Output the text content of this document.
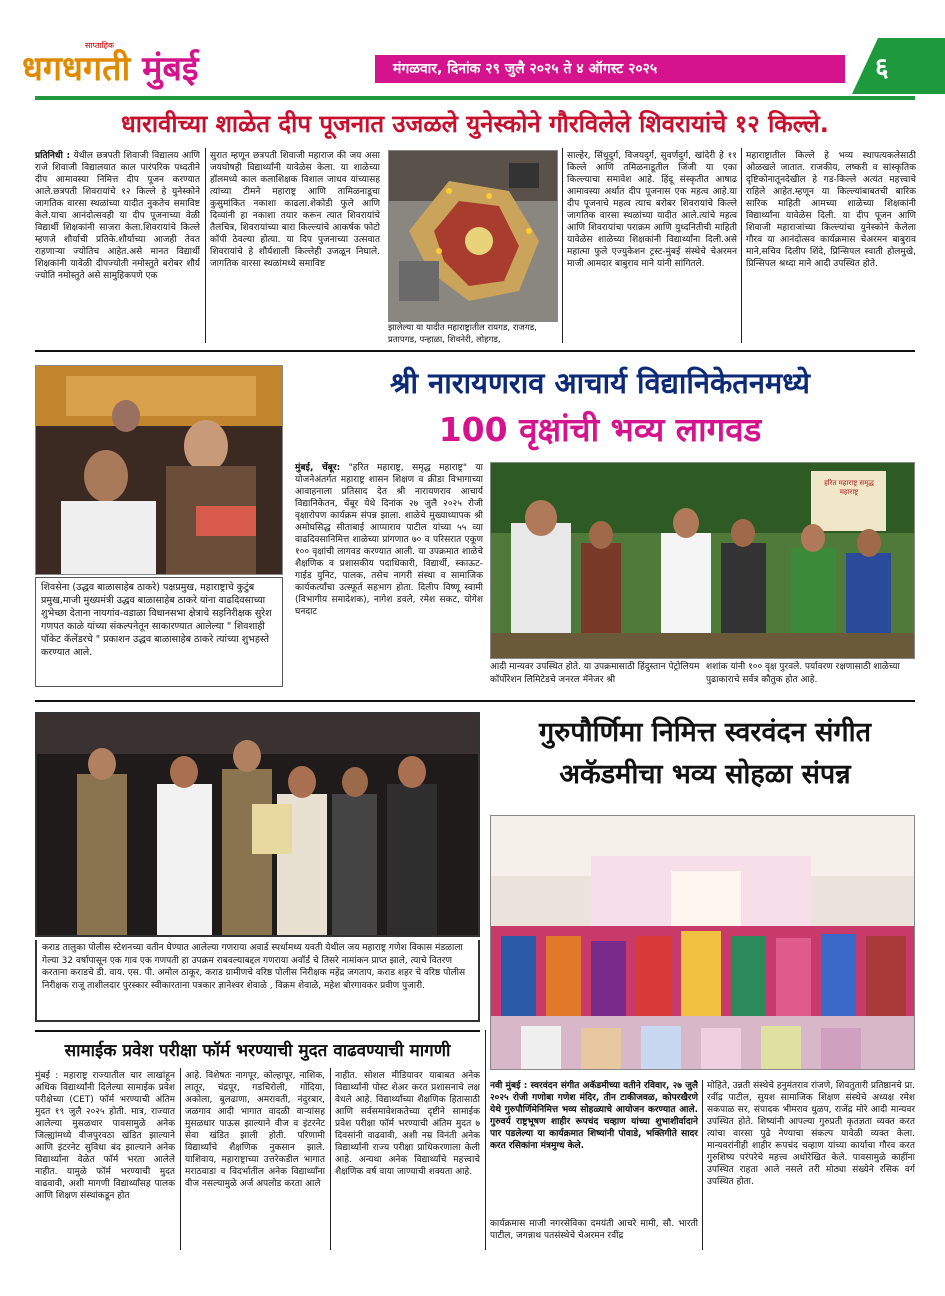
साप्ताहिक
धगधगती मुंबई	मंगळवार, दिनांक २९ जुलै २०२५ ते ४ ऑगस्ट २०२५	६
धारावीच्या शाळेत दीप पूजनात उजळले युनेस्कोने गौरविलेले शिवरायांचे १२ किल्ले.
प्रतिनिधी : येथील छत्रपती शिवाजी विद्यालय आणि राजे शिवाजी विद्यालयात काल पारंपरिक पध्दतीने दीप आमावस्या निमित्त दीप पूजन करण्यात आले.छत्रपती शिवरायांचे १२ किल्ले हे युनेस्कोने जागतिक वारसा स्थळांच्या यादीत नुकतेच समाविष्ट केले.याचा आनंदोत्सवही या दीप पूजनाच्या वेळी विद्यार्थी शिक्षकांनी साजरा केला.शिवरायांचे किल्ले म्हणजे शौर्याची प्रतिके.शौर्याच्या आजही तेवत राहणाऱ्या ज्योतिच आहेत.असे मानत विद्यार्थी शिक्षकांनी यावेळी दीपज्योती नमोस्तुते बरोबर शौर्य ज्योति नमोस्तुते असे सामुहिकपणे एक
सुरात म्हणून छत्रपती शिवाजी महाराज की जय असा जयघोषही विद्यार्थ्यांनी यावेळेस केला. या शाळेच्या हॉलमध्ये काल कलाशिक्षक विशाल जाधव यांच्यासह त्यांच्या टीमने महाराष्ट्र आणि तामिळनाडूचा कुसुमांकित नकाशा काढला.शेकोडी फुले आणि दिव्यांनी हा नकाशा तयार करून त्यात शिवरायांचे तैलचित्र, शिवरायांच्या बारा किल्ल्यांचे आकर्षक फोटो कॉपी ठेवल्या होत्या. या दिप पुजनाच्या उत्सवात शिवरायांचे हे शौर्यशाली किल्लेही उजळून निघाले. जागतिक वारसा स्थळांमध्ये समाविष्ट
झालेल्या या यादीत महाराष्ट्रातील रायगड, राजगड, प्रतापगड, पन्हाळा, शिवनेरी, लोहगड,
साल्हेर, सिंधुदुर्ग, विजयदुर्ग, सुवर्णदुर्ग, खांदेरी हे ११ किल्ले आणि तमिळनाडूतील जिंजी या एका किल्ल्याचा समावेश आहे. हिंदू संस्कृतीत आषाढ आमावस्या अर्थात दीप पूजनास एक महत्व आहे.या दीप पूजनाचे महत्व त्याच बरोबर शिवरायांचे किल्ले जागतिक वारसा स्थळांच्या यादीत आले.त्यांचे महत्व आणि शिवरायांचा पराक्रम आणि युध्दनितीची माहिती यावेळेस शाळेच्या शिक्षकांनी विद्यार्थ्यांना दिली.असे महात्मा फुले एज्युकेशन ट्रस्ट-मुंबई संस्थेचे चेअरमन माजी आमदार बाबुराव माने यांनी सांगितले.
महाराष्ट्रातील किल्ले हे भव्य स्थापत्यकलेसाठी ओळखले जातात. राजकीय, लष्करी व सांस्कृतिक दृष्टिकोनातूनदेखील हे गड-किल्ले अत्यंत महत्त्वाचे राहिले आहेत.म्हणून या किल्ल्यांबाबतची बारिक सारिक माहिती आमच्या शाळेच्या शिक्षकांनी विद्यार्थ्यांना यावेळेस दिली. या दीप पूजन आणि शिवाजी महाराजांच्या किल्ल्यांचा युनेस्कोने केलेला गौरव या आनंदोत्सव कार्यक्रमास चेअरमन बाबुराव माने,सचिव दिलीप शिंदे, प्रिन्सिपल स्वाती होलमुखे, प्रिन्सिपल श्रध्दा माने आदी उपस्थित होते.
शिवसेना (उद्धव बाळासाहेब ठाकरे) पक्षप्रमुख, महाराष्ट्राचे कुटुंब प्रमुख,माजी मुख्यमंत्री उद्धव बाळासाहेब ठाकरे यांना वाढदिवसाच्या शुभेच्छा देताना नायगांव-वडाळा विधानसभा क्षेत्राचे सहनिरीक्षक सुरेश गणपत काळे यांच्या संकल्पनेतून साकारण्यात आलेल्या " शिवशाही पॉकेट कॅलेंडरचे " प्रकाशन उद्धव बाळासाहेब ठाकरे त्यांच्या शुभहस्ते करण्यात आले.
श्री नारायणराव आचार्य विद्यानिकेतनमध्ये
100 वृक्षांची भव्य लागवड
मुंबई, चेंबूर: "हरित महाराष्ट्र, समृद्ध महाराष्ट्र" या योजनेअंतर्गत महाराष्ट्र शासन शिक्षण व क्रीडा विभागाच्या आवाहनाला प्रतिसाद देत श्री नारायणराव आचार्य विद्यानिकेतन, चेंबूर येथे दिनांक २७ जुलै २०२५ रोजी वृक्षारोपण कार्यक्रम संपन्न झाला. शाळेचे मुख्याध्यापक श्री अमोघसिद्ध सीताबाई आप्पाराव पाटील यांच्या ५५ व्या वाढदिवसानिमित्त शाळेच्या प्रांगणात ७० व परिसरात एकूण १०० वृक्षांची लागवड करण्यात आली. या उपक्रमात शाळेचे शैक्षणिक व प्रशासकीय पदाधिकारी, विद्यार्थी, स्काऊट-गाईड युनिट, पालक, तसेच नागरी संस्था व सामाजिक कार्यकर्त्यांचा उत्स्फूर्त सहभाग होता. दिलीप विष्णू स्वामी (विभागीय समादेशक), नागेश डवले, रमेश सकट, योगेश घनदाट
हरित महाराष्ट्र समृद्ध महाराष्ट्र
आदी मान्यवर उपस्थित होते. या उपक्रमासाठी हिंदुस्तान पेट्रोलियम कॉर्पोरेशन लिमिटेडचे जनरल मॅनेजर श्री
शशांक यांनी १०० वृक्ष पुरवले. पर्यावरण रक्षणासाठी शाळेच्या पुढाकाराचे सर्वत्र कौतुक होत आहे.
कराड तालुका पोलीस स्टेशनच्या वतीन घेण्यात आलेल्या गणराया अवार्ड स्पर्धामध्य यवती येथील जय महाराष्ट्र गणेश विकास मंडळाला गेल्या 32 वर्षापासून एक गाव एक गणपती हा उपक्रम राबवल्याबद्दल गणराया अवॉर्ड चे तिसरे नामांकन प्राप्त झाले, त्याचे वितरण करताना कराडचे डी. वाय. एस. पी. अमोल ठाकूर, कराड ग्रामीणचे वरिष्ठ पोलीस निरीक्षक महेंद्र जगताप, कराड शहर चे वरिष्ठ पोलीस निरीक्षक राजू ताशीलदार पुरस्कार स्वीकारताना पत्रकार ज्ञानेश्वर शेवाळे , विक्रम शेवाळे, महेश बोरगावकर प्रवीण पुजारी.
गुरुपौर्णिमा निमित्त स्वरवंदन संगीत अकॅडमीचा भव्य सोहळा संपन्न
नवी मुंबई : स्वरवंदन संगीत अकॅडमीच्या वतीने रविवार, २७ जुलै २०२५ रोजी गणोबा गणेश मंदिर, तीन टाकीजवळ, कोपरखैरणे येथे गुरुपौर्णिमेनिमित्त भव्य सोहळ्याचे आयोजन करण्यात आले. गुरुवर्य राष्ट्रभूषण शाहीर रूपचंद चव्हाण यांच्या शुभाशीर्वादाने पार पडलेल्या या कार्यक्रमात शिष्यांनी पोवाडे, भक्तिगीते सादर करत रसिकांना मंत्रमुग्ध केले.
कार्यक्रमास माजी नगरसेविका दमयंती आचरे मामी, सौ. भारती पाटील, जगन्नाथ पतसंस्थेचे चेअरमन रवींद्र
मोहिते, उन्नती संस्थेचे हनुमंतराव रांजणे, शिवतुतारी प्रतिष्ठानचे प्रा. रवींद्र पाटील, सुयश सामाजिक शिक्षण संस्थेचे अध्यक्ष रमेश सकपाळ सर, संपादक भीमराव धुळप, राजेंद्र मोरे आदी मान्यवर उपस्थित होते. शिष्यांनी आपल्या गुरुप्रती कृतज्ञता व्यक्त करत त्यांचा वारसा पुढे नेण्याचा संकल्प यावेळी व्यक्त केला. मान्यवरांनीही शाहीर रूपचंद चव्हाण यांच्या कार्याचा गौरव करत गुरुशिष्य परंपरेचे महत्त्व अधोरेखित केले. पावसामुळे काहींना उपस्थित राहता आले नसले तरी मोठ्या संख्येने रसिक वर्ग उपस्थित होता.
सामाईक प्रवेश परीक्षा फॉर्म भरण्याची मुदत वाढवण्याची मागणी
मुंबई : महाराष्ट्र राज्यातील चार लाखांहून अधिक विद्यार्थ्यांनी दिलेल्या सामाईक प्रवेश परीक्षेच्या (CET) फॉर्म भरण्याची अंतिम मुदत १९ जुलै २०२५ होती. मात्र, राज्यात आलेल्या मुसळधार पावसामुळे अनेक जिल्ह्यांमध्ये वीजपुरवठा खंडित झाल्याने आणि इंटरनेट सुविधा बंद झाल्याने अनेक विद्यार्थ्यांना वेळेत फॉर्म भरता आलेले नाहीत. यामुळे फॉर्म भरण्याची मुदत वाढवावी, अशी मागणी विद्यार्थ्यांसह पालक आणि शिक्षण संस्थांकडून होत
आहे. विशेषतः नागपूर, कोल्हापूर, नाशिक, लातूर, चंद्रपूर, गडचिरोली, गोंदिया, अकोला, बुलढाणा, अमरावती, नंदुरबार, जळगाव आदी भागात वादळी वाऱ्यांसह मुसळधार पाऊस झाल्याने वीज व इंटरनेट सेवा खंडित झाली होती. परिणामी विद्यार्थ्यांचे शैक्षणिक नुकसान झाले. याशिवाय, महाराष्ट्राच्या उत्तरेकडील भागात मराठवाडा व विदर्भातील अनेक विद्यार्थ्यांना वीज नसल्यामुळे अर्ज अपलोड करता आले
नाहीत. सोशल मीडियावर याबाबत अनेक विद्यार्थ्यांनी पोस्ट शेअर करत प्रशासनाचे लक्ष वेधले आहे. विद्यार्थ्यांच्या शैक्षणिक हितासाठी आणि सर्वसमावेशकतेच्या दृष्टीने सामाईक प्रवेश परीक्षा फॉर्म भरण्याची अंतिम मुदत ७ दिवसांनी वाढवावी, अशी नम्र विनंती अनेक विद्यार्थ्यांनी राज्य परीक्षा प्राधिकरणाला केली आहे. अन्यथा अनेक विद्यार्थ्यांचे महत्त्वाचे शैक्षणिक वर्ष वाया जाण्याची शक्यता आहे.
